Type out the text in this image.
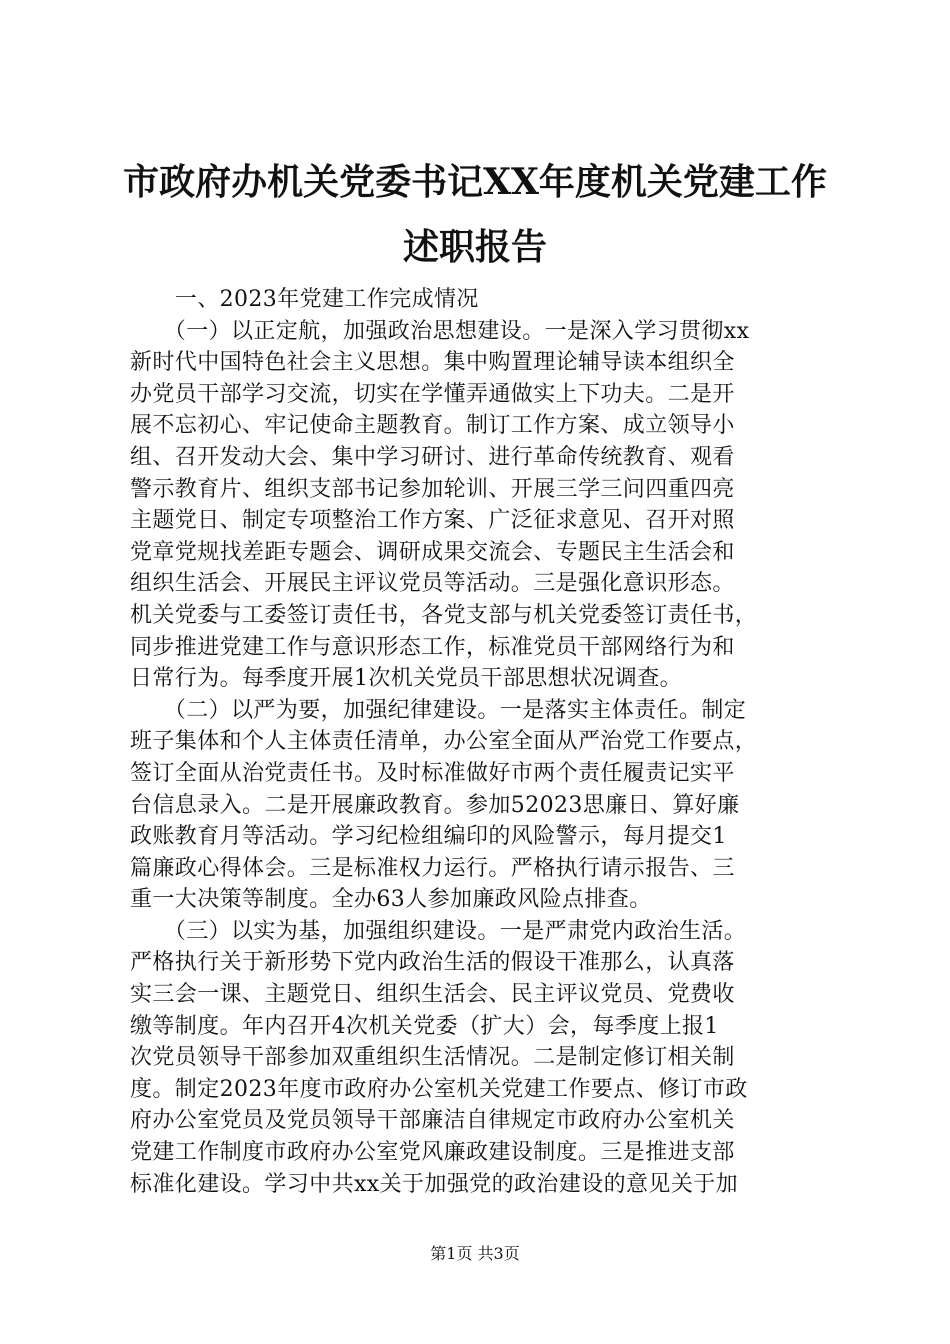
市政府办机关党委书记XX年度机关党建工作
述职报告
　　一、2023年党建工作完成情况
　　（一）以正定航，加强政治思想建设。一是深入学习贯彻xx
新时代中国特色社会主义思想。集中购置理论辅导读本组织全
办党员干部学习交流，切实在学懂弄通做实上下功夫。二是开
展不忘初心、牢记使命主题教育。制订工作方案、成立领导小
组、召开发动大会、集中学习研讨、进行革命传统教育、观看
警示教育片、组织支部书记参加轮训、开展三学三问四重四亮
主题党日、制定专项整治工作方案、广泛征求意见、召开对照
党章党规找差距专题会、调研成果交流会、专题民主生活会和
组织生活会、开展民主评议党员等活动。三是强化意识形态。
机关党委与工委签订责任书，各党支部与机关党委签订责任书，
同步推进党建工作与意识形态工作，标准党员干部网络行为和
日常行为。每季度开展1次机关党员干部思想状况调查。
　　（二）以严为要，加强纪律建设。一是落实主体责任。制定
班子集体和个人主体责任清单，办公室全面从严治党工作要点，
签订全面从治党责任书。及时标准做好市两个责任履责记实平
台信息录入。二是开展廉政教育。参加52023思廉日、算好廉
政账教育月等活动。学习纪检组编印的风险警示，每月提交1
篇廉政心得体会。三是标准权力运行。严格执行请示报告、三
重一大决策等制度。全办63人参加廉政风险点排查。
　　（三）以实为基，加强组织建设。一是严肃党内政治生活。
严格执行关于新形势下党内政治生活的假设干准那么，认真落
实三会一课、主题党日、组织生活会、民主评议党员、党费收
缴等制度。年内召开4次机关党委（扩大）会，每季度上报1
次党员领导干部参加双重组织生活情况。二是制定修订相关制
度。制定2023年度市政府办公室机关党建工作要点、修订市政
府办公室党员及党员领导干部廉洁自律规定市政府办公室机关
党建工作制度市政府办公室党风廉政建设制度。三是推进支部
标准化建设。学习中共xx关于加强党的政治建设的意见关于加
第1页 共3页
